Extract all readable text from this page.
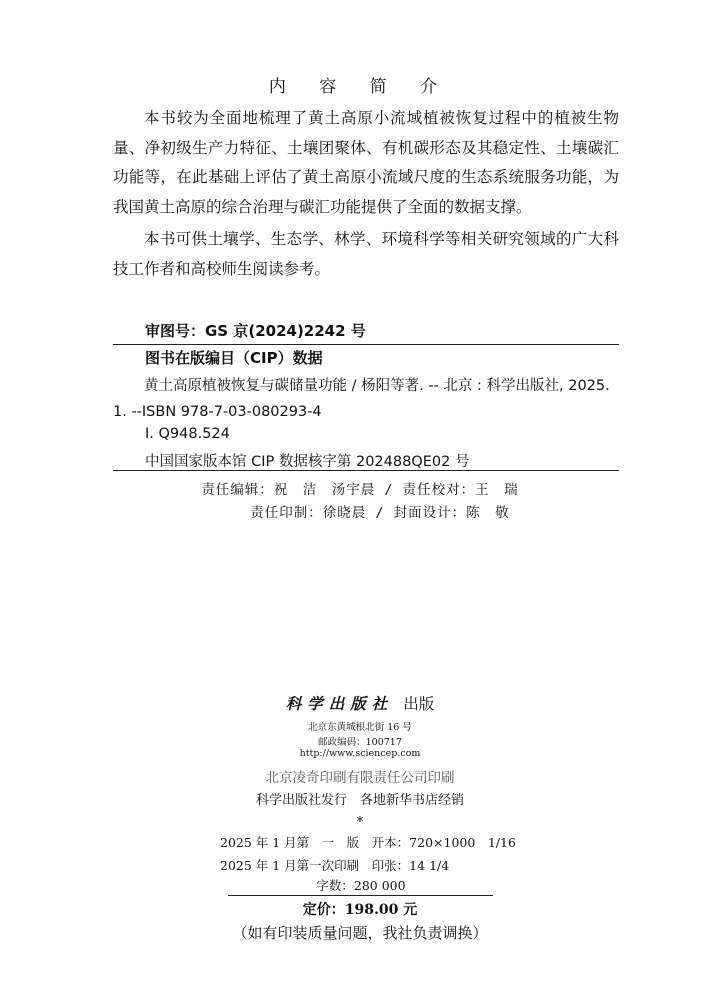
内 容 简 介
本书较为全面地梳理了黄土高原小流域植被恢复过程中的植被生物量、净初级生产力特征、土壤团聚体、有机碳形态及其稳定性、土壤碳汇功能等，在此基础上评估了黄土高原小流域尺度的生态系统服务功能，为我国黄土高原的综合治理与碳汇功能提供了全面的数据支撑。
本书可供土壤学、生态学、林学、环境科学等相关研究领域的广大科技工作者和高校师生阅读参考。
审图号：GS 京(2024)2242 号
图书在版编目（CIP）数据
黄土高原植被恢复与碳储量功能 / 杨阳等著. -- 北京 : 科学出版社, 2025. 1. --ISBN 978-7-03-080293-4
Ⅰ. Q948.524
中国国家版本馆 CIP 数据核字第 202488QE02 号
责任编辑：祝　洁　汤宇晨 / 责任校对：王　瑞
责任印制：徐晓晨 / 封面设计：陈　敬
科学出版社 出版
北京东黄城根北街 16 号
邮政编码：100717
http://www.sciencep.com
北京凌奇印刷有限责任公司印刷
科学出版社发行　各地新华书店经销
*
2025 年 1 月第　一　版　开本：720×1000　1/16
2025 年 1 月第一次印刷　印张：14 1/4
字数：280 000
定价：198.00 元
（如有印装质量问题，我社负责调换）
